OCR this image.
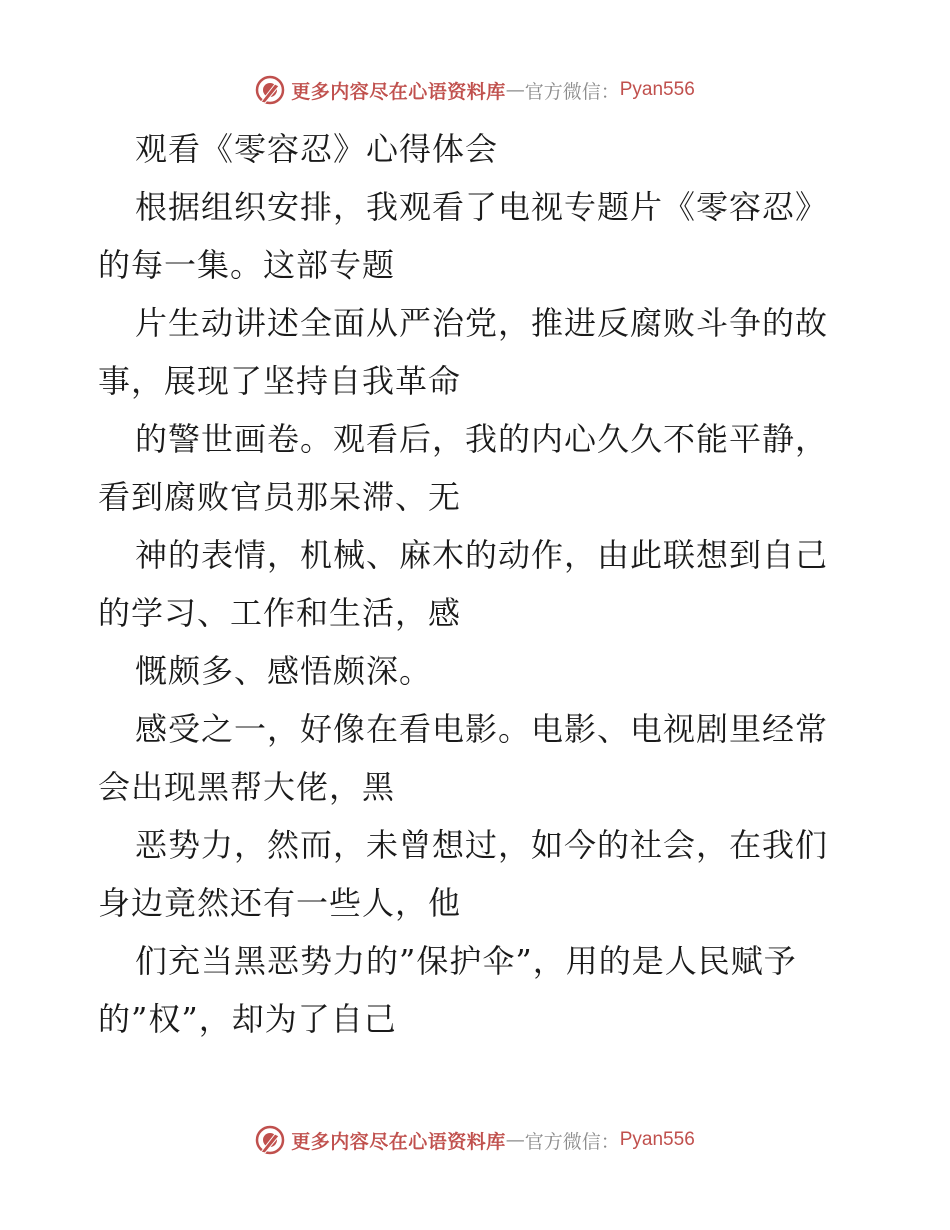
更多内容尽在心语资料库 — 官方微信： Pyan556
观看《零容忍》心得体会
根据组织安排，我观看了电视专题片《零容忍》
的每一集。这部专题
片生动讲述全面从严治党，推进反腐败斗争的故
事，展现了坚持自我革命
的警世画卷。观看后，我的内心久久不能平静，
看到腐败官员那呆滞、无
神的表情，机械、麻木的动作，由此联想到自己
的学习、工作和生活，感
慨颇多、感悟颇深。
感受之一，好像在看电影。电影、电视剧里经常
会出现黑帮大佬，黑
恶势力，然而，未曾想过，如今的社会，在我们
身边竟然还有一些人，他
们充当黑恶势力的”保护伞”，用的是人民赋予
的”权”，却为了自己
更多内容尽在心语资料库 — 官方微信： Pyan556
